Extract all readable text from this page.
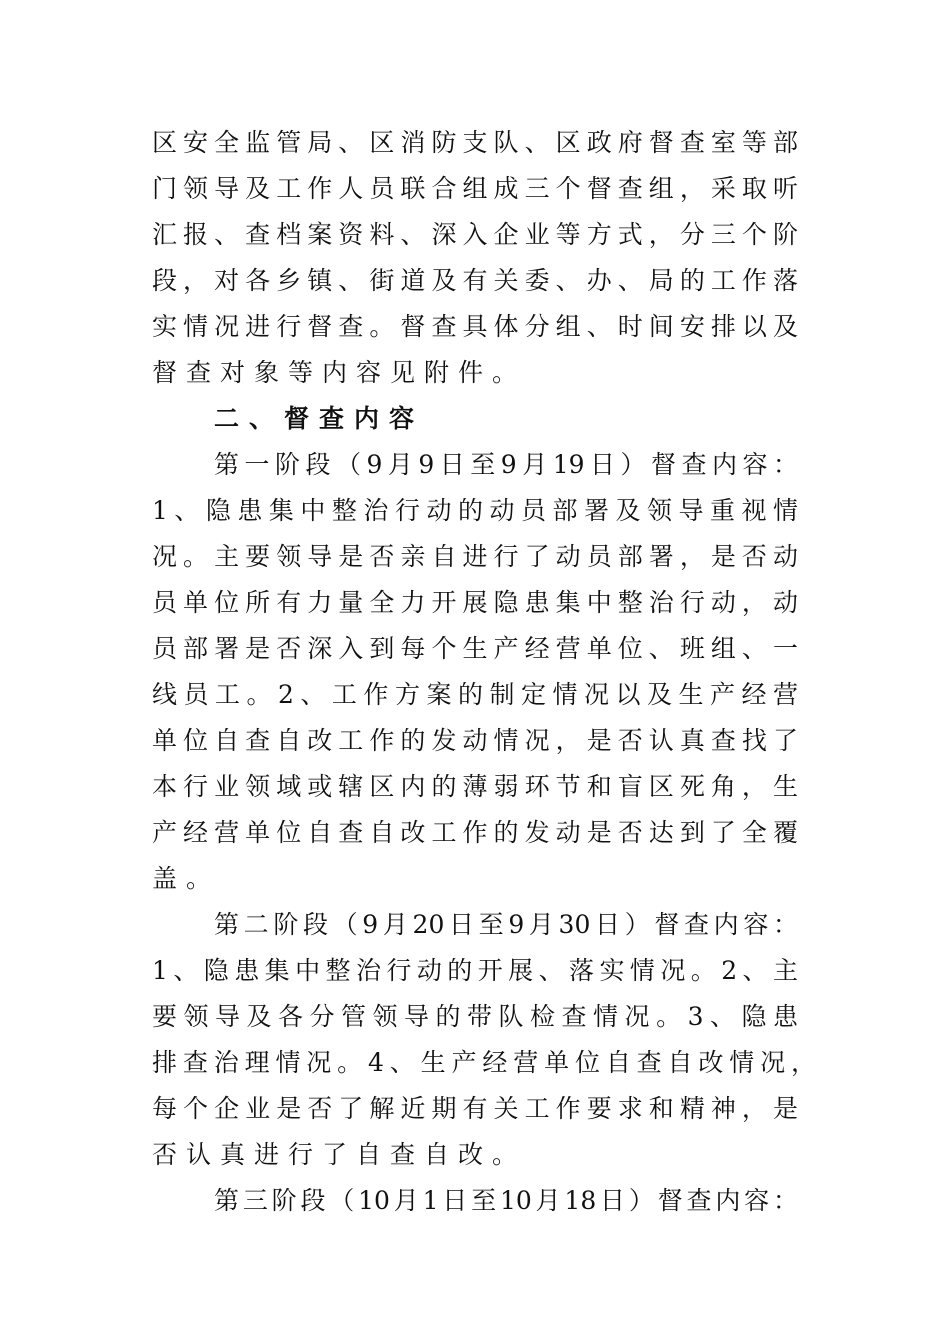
区安全监管局、区消防支队、区政府督查室等部
门领导及工作人员联合组成三个督查组，采取听
汇报、查档案资料、深入企业等方式，分三个阶
段，对各乡镇、街道及有关委、办、局的工作落
实情况进行督查。督查具体分组、时间安排以及
督查对象等内容见附件。
二、督查内容
第一阶段（9月9日至9月19日）督查内容：
1、隐患集中整治行动的动员部署及领导重视情
况。主要领导是否亲自进行了动员部署，是否动
员单位所有力量全力开展隐患集中整治行动，动
员部署是否深入到每个生产经营单位、班组、一
线员工。2、工作方案的制定情况以及生产经营
单位自查自改工作的发动情况，是否认真查找了
本行业领域或辖区内的薄弱环节和盲区死角，生
产经营单位自查自改工作的发动是否达到了全覆
盖。
第二阶段（9月20日至9月30日）督查内容：
1、隐患集中整治行动的开展、落实情况。2、主
要领导及各分管领导的带队检查情况。3、隐患
排查治理情况。4、生产经营单位自查自改情况，
每个企业是否了解近期有关工作要求和精神，是
否认真进行了自查自改。
第三阶段（10月1日至10月18日）督查内容：
